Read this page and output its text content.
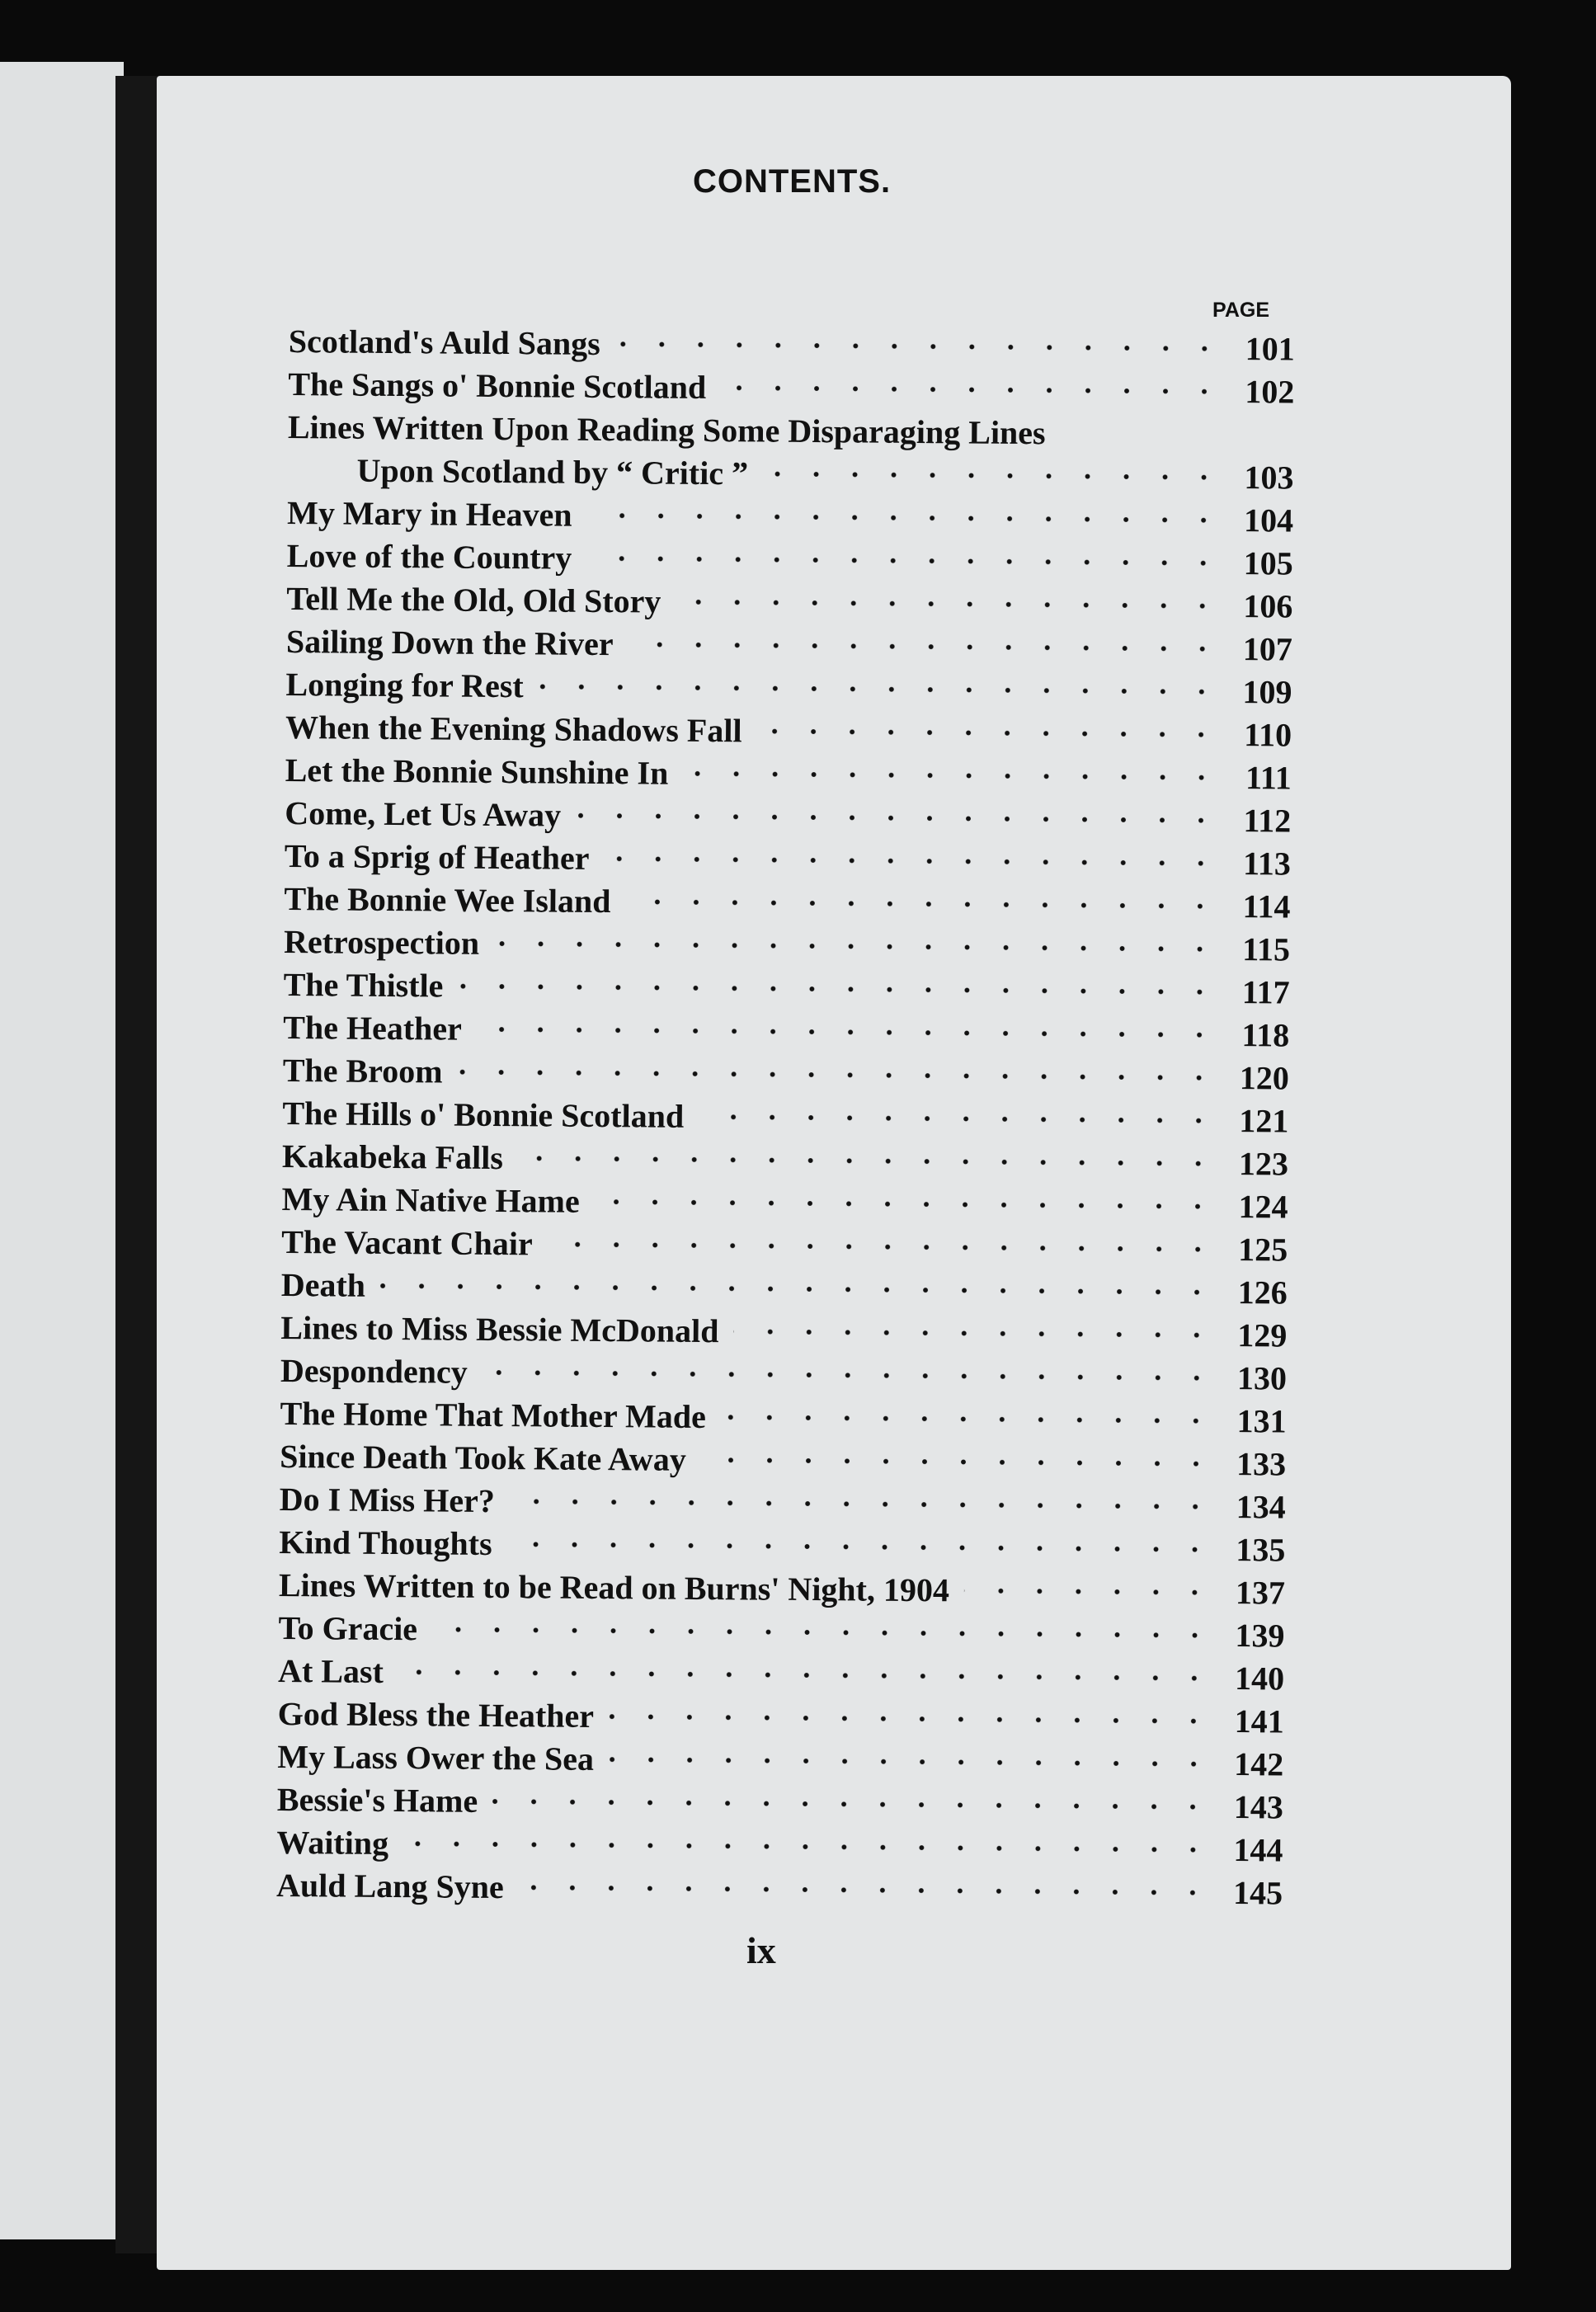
CONTENTS.
PAGE
Scotland's Auld Sangs	101
The Sangs o' Bonnie Scotland	102
Lines Written Upon Reading Some Disparaging Lines
Upon Scotland by “ Critic ”	103
My Mary in Heaven	104
Love of the Country	105
Tell Me the Old, Old Story	106
Sailing Down the River	107
Longing for Rest	109
When the Evening Shadows Fall	110
Let the Bonnie Sunshine In	111
Come, Let Us Away	112
To a Sprig of Heather	113
The Bonnie Wee Island	114
Retrospection	115
The Thistle	117
The Heather	118
The Broom	120
The Hills o' Bonnie Scotland	121
Kakabeka Falls	123
My Ain Native Hame	124
The Vacant Chair	125
Death	126
Lines to Miss Bessie McDonald	129
Despondency	130
The Home That Mother Made	131
Since Death Took Kate Away	133
Do I Miss Her?	134
Kind Thoughts	135
Lines Written to be Read on Burns' Night, 1904	137
To Gracie	139
At Last	140
God Bless the Heather	141
My Lass Ower the Sea	142
Bessie's Hame	143
Waiting	144
Auld Lang Syne	145
ix
